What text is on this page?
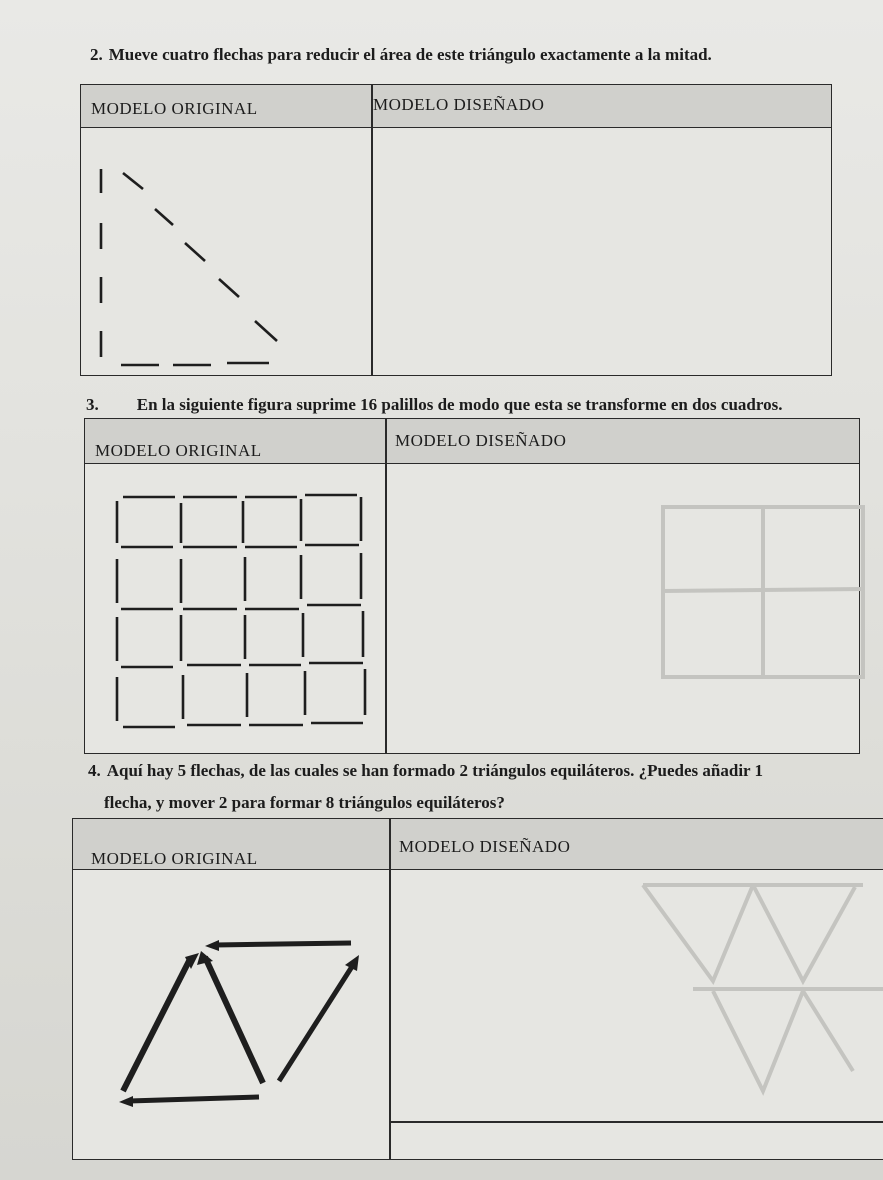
2. Mueve cuatro flechas para reducir el área de este triángulo exactamente a la mitad.
MODELO ORIGINAL	MODELO DISEÑADO
3. En la siguiente figura suprime 16 palillos de modo que esta se transforme en dos cuadros.
MODELO ORIGINAL
MODELO DISEÑADO
4. Aquí hay 5 flechas, de las cuales se han formado 2 triángulos equiláteros. ¿Puedes añadir 1
flecha, y mover 2 para formar 8 triángulos equiláteros?
MODELO ORIGINAL
MODELO DISEÑADO
